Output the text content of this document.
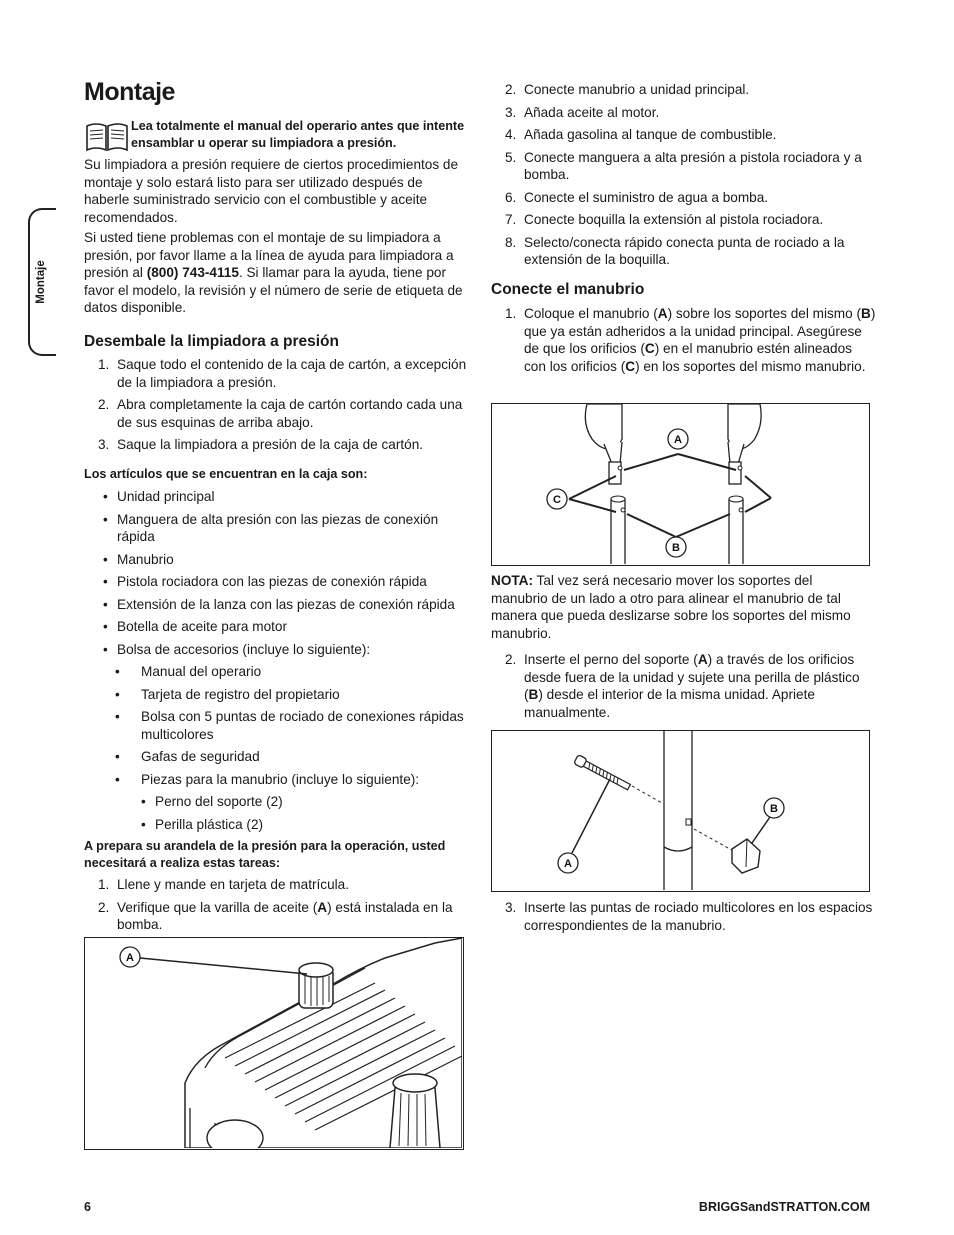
Montaje
Montaje
Lea totalmente el manual del operario antes que intente ensamblar u operar su limpiadora a presión.
Su limpiadora a presión requiere de ciertos procedimientos de montaje y solo estará listo para ser utilizado después de haberle suministrado servicio con el combustible y aceite recomendados.
Si usted tiene problemas con el montaje de su limpiadora a presión, por favor llame a la línea de ayuda para limpiadora a presión al (800) 743-4115. Si llamar para la ayuda, tiene por favor el modelo, la revisión y el número de serie de etiqueta de datos disponible.
Desembale la limpiadora a presión
1. Saque todo el contenido de la caja de cartón, a excepción de la limpiadora a presión.
2. Abra completamente la caja de cartón cortando cada una de sus esquinas de arriba abajo.
3. Saque la limpiadora a presión de la caja de cartón.
Los artículos que se encuentran en la caja son:
• Unidad principal
• Manguera de alta presión con las piezas de conexión rápida
• Manubrio
• Pistola rociadora con las piezas de conexión rápida
• Extensión de la lanza con las piezas de conexión rápida
• Botella de aceite para motor
• Bolsa de accesorios (incluye lo siguiente):
• Manual del operario
• Tarjeta de registro del propietario
• Bolsa con 5 puntas de rociado de conexiones rápidas multicolores
• Gafas de seguridad
• Piezas para la manubrio (incluye lo siguiente):
• Perno del soporte (2)
• Perilla plástica (2)
A prepara su arandela de la presión para la operación, usted necesitará a realiza estas tareas:
1. Llene y mande en tarjeta de matrícula.
2. Verifique que la varilla de aceite (A) está instalada en la bomba.
A
2. Conecte manubrio a unidad principal.
3. Añada aceite al motor.
4. Añada gasolina al tanque de combustible.
5. Conecte manguera a alta presión a pistola rociadora y a bomba.
6. Conecte el suministro de agua a bomba.
7. Conecte boquilla la extensión al pistola rociadora.
8. Selecto/conecta rápido conecta punta de rociado a la extensión de la boquilla.
Conecte el manubrio
1. Coloque el manubrio (A) sobre los soportes del mismo (B) que ya están adheridos a la unidad principal. Asegúrese de que los orificios (C) en el manubrio estén alineados con los orificios (C) en los soportes del mismo manubrio.
A
C
B
NOTA: Tal vez será necesario mover los soportes del manubrio de un lado a otro para alinear el manubrio de tal manera que pueda deslizarse sobre los soportes del mismo manubrio.
2. Inserte el perno del soporte (A) a través de los orificios desde fuera de la unidad y sujete una perilla de plástico (B) desde el interior de la misma unidad. Apriete manualmente.
A
B
3. Inserte las puntas de rociado multicolores en los espacios correspondientes de la manubrio.
6	BRIGGSandSTRATTON.COM
